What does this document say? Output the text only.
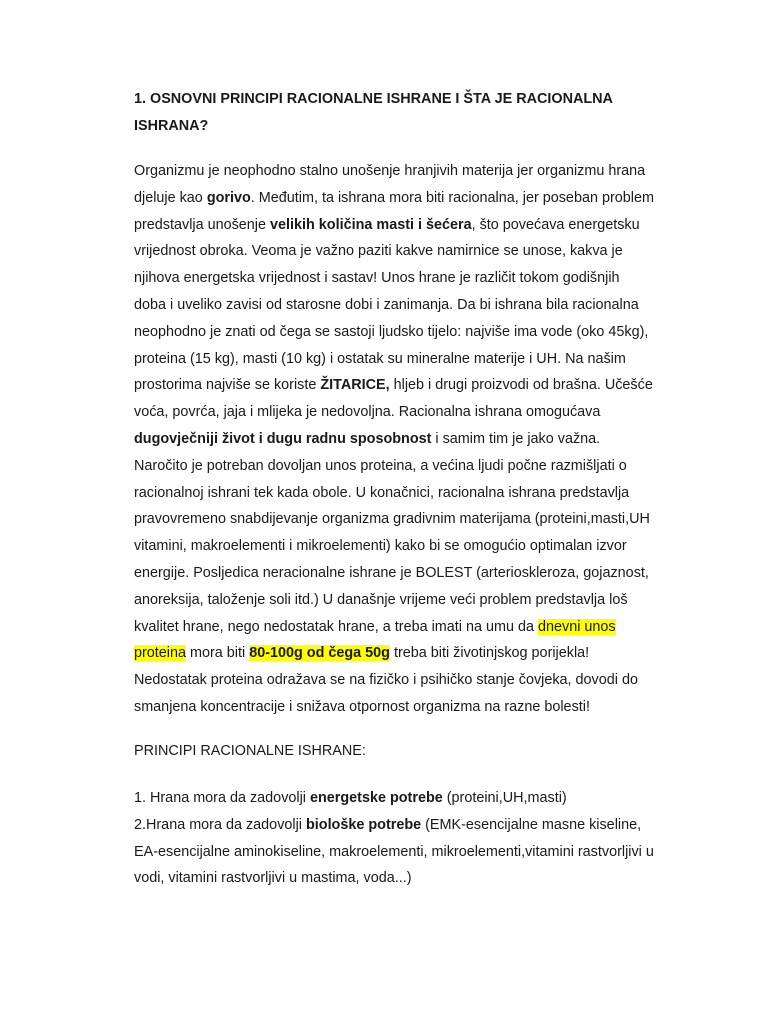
1. OSNOVNI PRINCIPI RACIONALNE ISHRANE I ŠTA JE RACIONALNA
ISHRANA?
Organizmu je neophodno stalno unošenje hranjivih materija jer organizmu hrana
djeluje kao gorivo. Međutim, ta ishrana mora biti racionalna, jer poseban problem
predstavlja unošenje velikih količina masti i šećera, što povećava energetsku
vrijednost obroka. Veoma je važno paziti kakve namirnice se unose, kakva je
njihova energetska vrijednost i sastav! Unos hrane je različit tokom godišnjih
doba i uveliko zavisi od starosne dobi i zanimanja. Da bi ishrana bila racionalna
neophodno je znati od čega se sastoji ljudsko tijelo: najviše ima vode (oko 45kg),
proteina (15 kg), masti (10 kg) i ostatak su mineralne materije i UH. Na našim
prostorima najviše se koriste ŽITARICE, hljeb i drugi proizvodi od brašna. Učešće
voća, povrća, jaja i mlijeka je nedovoljna. Racionalna ishrana omogućava
dugovječniji život i dugu radnu sposobnost i samim tim je jako važna.
Naročito je potreban dovoljan unos proteina, a većina ljudi počne razmišljati o
racionalnoj ishrani tek kada obole. U konačnici, racionalna ishrana predstavlja
pravovremeno snabdijevanje organizma gradivnim materijama (proteini,masti,UH
vitamini, makroelementi i mikroelementi) kako bi se omogućio optimalan izvor
energije. Posljedica neracionalne ishrane je BOLEST (arterioskleroza, gojaznost,
anoreksija, taloženje soli itd.) U današnje vrijeme veći problem predstavlja loš
kvalitet hrane, nego nedostatak hrane, a treba imati na umu da dnevni unos
proteina mora biti 80-100g od čega 50g treba biti životinjskog porijekla!
Nedostatak proteina odražava se na fizičko i psihičko stanje čovjeka, dovodi do
smanjena koncentracije i snižava otpornost organizma na razne bolesti!
PRINCIPI RACIONALNE ISHRANE:
1. Hrana mora da zadovolji energetske potrebe (proteini,UH,masti)
2.Hrana mora da zadovolji biološke potrebe (EMK-esencijalne masne kiseline,
EA-esencijalne aminokiseline, makroelementi, mikroelementi,vitamini rastvorljivi u
vodi, vitamini rastvorljivi u mastima, voda...)
